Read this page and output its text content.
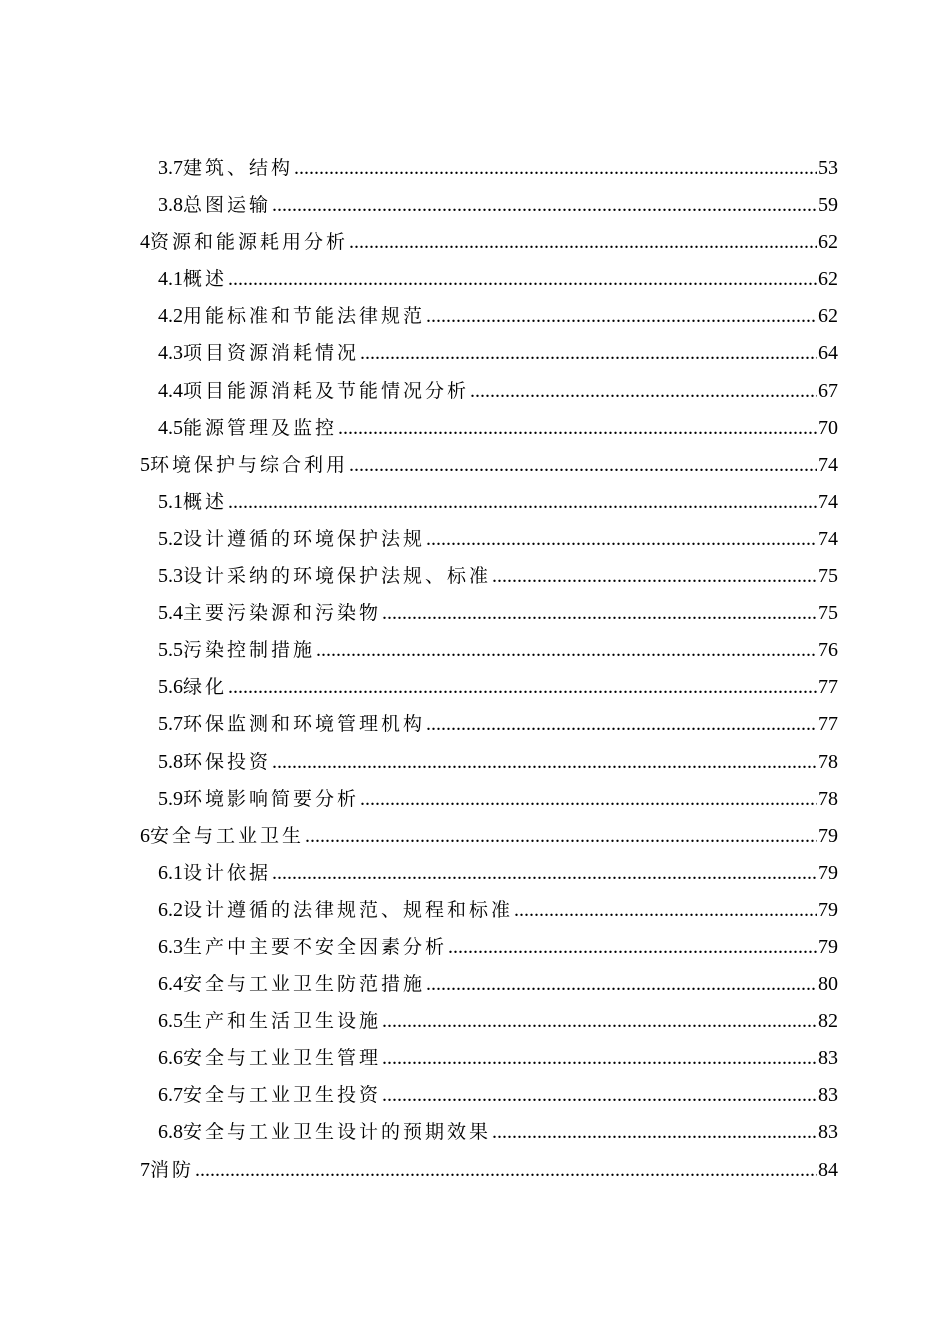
3.7 建筑、结构 .....	53
3.8 总图运输 .....	59
4 资源和能源耗用分析 .....	62
4.1 概述 .....	62
4.2 用能标准和节能法律规范 .....	62
4.3 项目资源消耗情况 .....	64
4.4 项目能源消耗及节能情况分析 .....	67
4.5 能源管理及监控 .....	70
5 环境保护与综合利用 .....	74
5.1 概述 .....	74
5.2 设计遵循的环境保护法规 .....	74
5.3 设计采纳的环境保护法规、标准 .....	75
5.4 主要污染源和污染物 .....	75
5.5 污染控制措施 .....	76
5.6 绿化 .....	77
5.7 环保监测和环境管理机构 .....	77
5.8 环保投资 .....	78
5.9 环境影响简要分析 .....	78
6 安全与工业卫生 .....	79
6.1 设计依据 .....	79
6.2 设计遵循的法律规范、规程和标准 .....	79
6.3 生产中主要不安全因素分析 .....	79
6.4 安全与工业卫生防范措施 .....	80
6.5 生产和生活卫生设施 .....	82
6.6 安全与工业卫生管理 .....	83
6.7 安全与工业卫生投资 .....	83
6.8 安全与工业卫生设计的预期效果 .....	83
7 消防 .....	84
